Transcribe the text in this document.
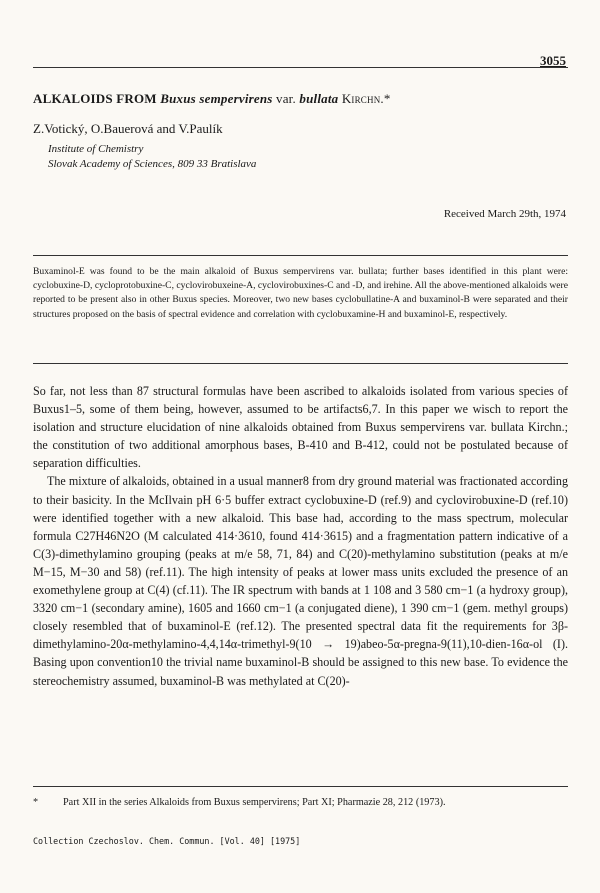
3055
ALKALOIDS FROM Buxus sempervirens var. bullata Kirchn.*
Z.Votický, O.Bauerová and V.Paulík
Institute of Chemistry
Slovak Academy of Sciences, 809 33 Bratislava
Received March 29th, 1974

Buxaminol-E was found to be the main alkaloid of Buxus sempervirens var. bullata; further bases identified in this plant were: cyclobuxine-D, cycloprotobuxine-C, cyclovirobuxeine-A, cyclovirobuxines-C and -D, and irehine. All the above-mentioned alkaloids were reported to be present also in other Buxus species. Moreover, two new bases cyclobullatine-A and buxaminol-B were separated and their structures proposed on the basis of spectral evidence and correlation with cyclobuxamine-H and buxaminol-E, respectively.

So far, not less than 87 structural formulas have been ascribed to alkaloids isolated from various species of Buxus1–5, some of them being, however, assumed to be artifacts6,7. In this paper we wisch to report the isolation and structure elucidation of nine alkaloids obtained from Buxus sempervirens var. bullata Kirchn.; the constitution of two additional amorphous bases, B-410 and B-412, could not be postulated because of separation difficulties.

The mixture of alkaloids, obtained in a usual manner8 from dry ground material was fractionated according to their basicity. In the McIlvain pH 6·5 buffer extract cyclobuxine-D (ref.9) and cyclovirobuxine-D (ref.10) were identified together with a new alkaloid. This base had, according to the mass spectrum, molecular formula C27H46N2O (M calculated 414·3610, found 414·3615) and a fragmentation pattern indicative of a C(3)-dimethylamino grouping (peaks at m/e 58, 71, 84) and C(20)-methylamino substitution (peaks at m/e M−15, M−30 and 58) (ref.11). The high intensity of peaks at lower mass units excluded the presence of an exomethylene group at C(4) (cf.11). The IR spectrum with bands at 1 108 and 3 580 cm−1 (a hydroxy group), 3320 cm−1 (secondary amine), 1605 and 1660 cm−1 (a conjugated diene), 1 390 cm−1 (gem. methyl groups) closely resembled that of buxaminol-E (ref.12). The presented spectral data fit the requirements for 3β-dimethylamino-20α-methylamino-4,4,14α-trimethyl-9(10 → 19)abeo-5α-pregna-9(11),10-dien-16α-ol (I). Basing upon convention10 the trivial name buxaminol-B should be assigned to this new base. To evidence the stereochemistry assumed, buxaminol-B was methylated at C(20)-

* Part XII in the series Alkaloids from Buxus sempervirens; Part XI; Pharmazie 28, 212 (1973).
Collection Czechoslov. Chem. Commun. [Vol. 40] [1975]
